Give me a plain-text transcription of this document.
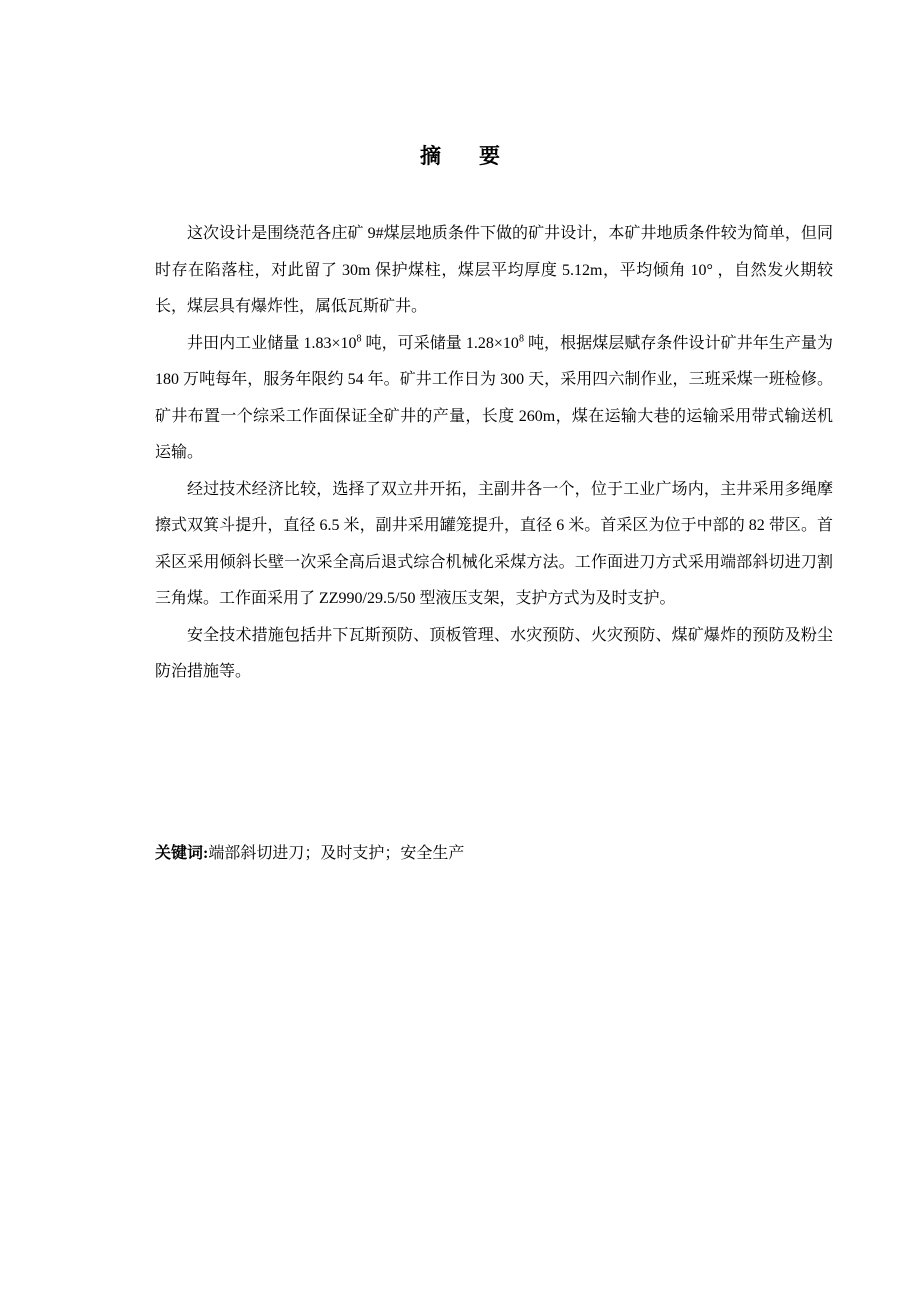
摘 要

这次设计是围绕范各庄矿 9#煤层地质条件下做的矿井设计，本矿井地质条件较为简单，但同时存在陷落柱，对此留了 30m 保护煤柱，煤层平均厚度 5.12m，平均倾角 10° ，自然发火期较长，煤层具有爆炸性，属低瓦斯矿井。

井田内工业储量 $1.83\times 10^8$ 吨，可采储量 $1.28\times 10^8$ 吨，根据煤层赋存条件设计矿井年生产量为 180 万吨每年，服务年限约 54 年。矿井工作日为 300 天，采用四六制作业，三班采煤一班检修。矿井布置一个综采工作面保证全矿井的产量，长度 260m，煤在运输大巷的运输采用带式输送机运输。

经过技术经济比较，选择了双立井开拓，主副井各一个，位于工业广场内，主井采用多绳摩擦式双箕斗提升，直径 6.5 米，副井采用罐笼提升，直径 6 米。首采区为位于中部的 82 带区。首采区采用倾斜长壁一次采全高后退式综合机械化采煤方法。工作面进刀方式采用端部斜切进刀割三角煤。工作面采用了 ZZ990/29.5/50 型液压支架，支护方式为及时支护。

安全技术措施包括井下瓦斯预防、顶板管理、水灾预防、火灾预防、煤矿爆炸的预防及粉尘防治措施等。

关键词:端部斜切进刀；及时支护；安全生产
